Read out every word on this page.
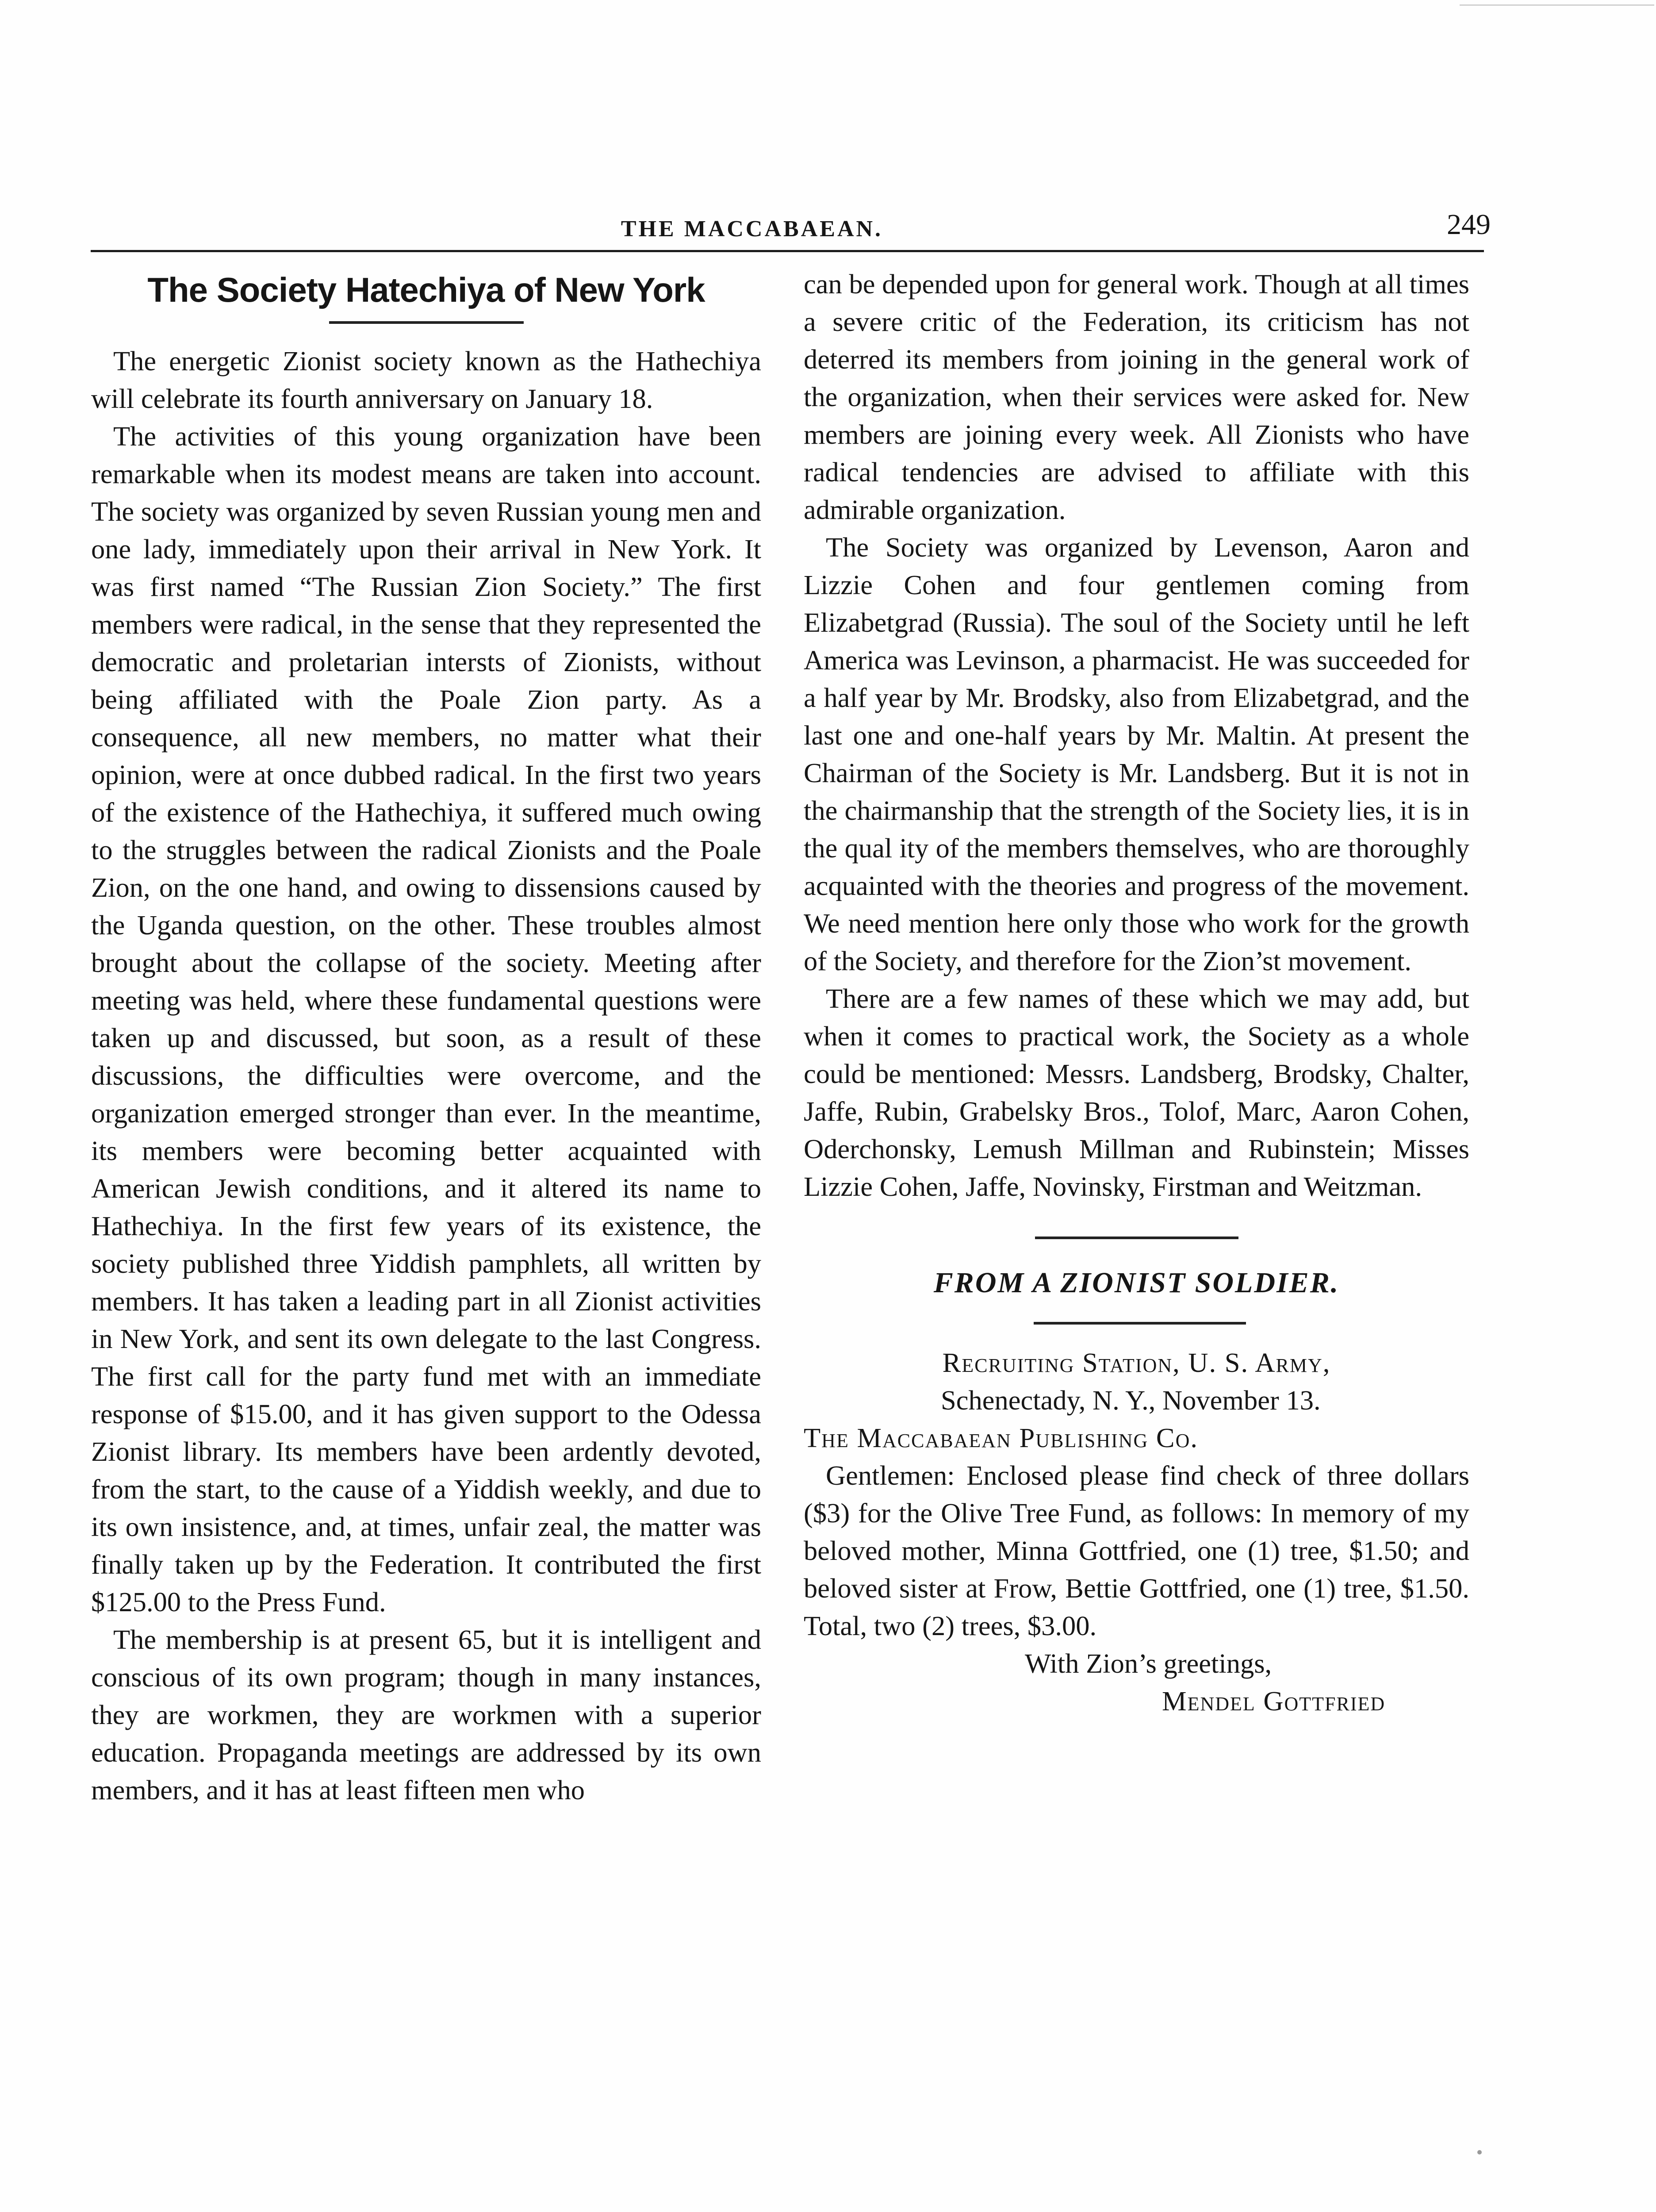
THE MACCABAEAN.	249
The Society Hatechiya of New York

The energetic Zionist society known as the Hathechiya will celebrate its fourth anniversary on January 18.

The activities of this young organization have been remarkable when its modest means are taken into account. The society was organized by seven Russian young men and one lady, immediately upon their arrival in New York. It was first named “The Russian Zion Society.” The first members were radical, in the sense that they represented the democratic and proletarian intersts of Zionists, without being affiliated with the Poale Zion party. As a consequence, all new members, no matter what their opinion, were at once dubbed radical. In the first two years of the existence of the Hathechiya, it suffered much owing to the struggles between the radical Zionists and the Poale Zion, on the one hand, and owing to dissensions caused by the Uganda question, on the other. These troubles almost brought about the collapse of the society. Meeting after meeting was held, where these fundamental questions were taken up and discussed, but soon, as a result of these discussions, the difficulties were overcome, and the organization emerged stronger than ever. In the meantime, its members were becoming better acquainted with American Jewish conditions, and it altered its name to Hathechiya. In the first few years of its existence, the society published three Yiddish pamphlets, all written by members. It has taken a leading part in all Zionist activities in New York, and sent its own delegate to the last Congress. The first call for the party fund met with an immediate response of $15.00, and it has given support to the Odessa Zionist library. Its members have been ardently devoted, from the start, to the cause of a Yiddish weekly, and due to its own insistence, and, at times, unfair zeal, the matter was finally taken up by the Federation. It contributed the first $125.00 to the Press Fund.

The membership is at present 65, but it is intelligent and conscious of its own program; though in many instances, they are workmen, they are workmen with a superior education. Propaganda meetings are addressed by its own members, and it has at least fifteen men who

can be depended upon for general work. Though at all times a severe critic of the Federation, its criticism has not deterred its members from joining in the general work of the organization, when their services were asked for. New members are joining every week. All Zionists who have radical tendencies are advised to affiliate with this admirable organization.

The Society was organized by Levenson, Aaron and Lizzie Cohen and four gentlemen coming from Elizabetgrad (Russia). The soul of the Society until he left America was Levinson, a pharmacist. He was succeeded for a half year by Mr. Brodsky, also from Elizabetgrad, and the last one and one-half years by Mr. Maltin. At present the Chairman of the Society is Mr. Landsberg. But it is not in the chairmanship that the strength of the Society lies, it is in the qual ity of the members themselves, who are thoroughly acquainted with the theories and progress of the movement. We need mention here only those who work for the growth of the Society, and therefore for the Zion’st movement.

There are a few names of these which we may add, but when it comes to practical work, the Society as a whole could be mentioned: Messrs. Landsberg, Brodsky, Chalter, Jaffe, Rubin, Grabelsky Bros., Tolof, Marc, Aaron Cohen, Oderchonsky, Lemush Millman and Rubinstein; Misses Lizzie Cohen, Jaffe, Novinsky, Firstman and Weitzman.

FROM A ZIONIST SOLDIER.

Recruiting Station, U. S. Army,

Schenectady, N. Y., November 13.

The Maccabaean Publishing Co.

Gentlemen: Enclosed please find check of three dollars ($3) for the Olive Tree Fund, as follows: In memory of my beloved mother, Minna Gottfried, one (1) tree, $1.50; and beloved sister at Frow, Bettie Gottfried, one (1) tree, $1.50. Total, two (2) trees, $3.00.

With Zion’s greetings,

Mendel Gottfried
